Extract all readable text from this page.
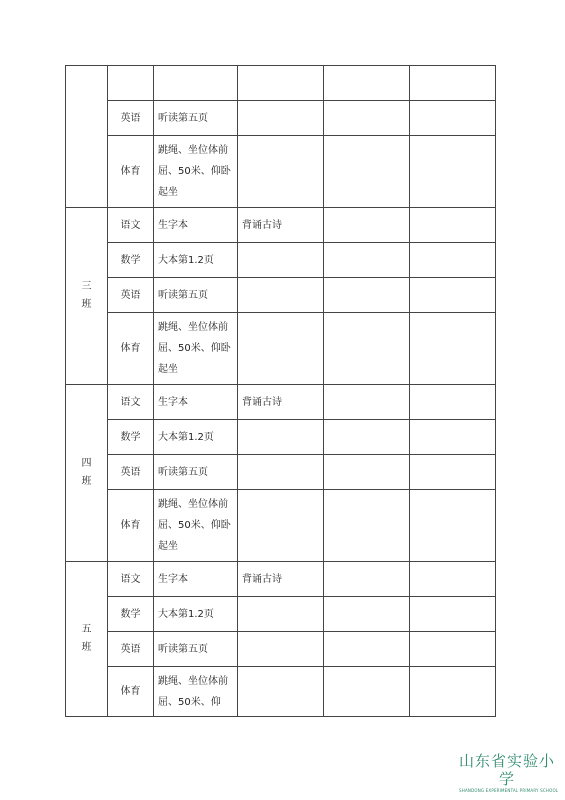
	英语	听读第五页			
	体育	跳绳、坐位体前屈、50米、仰卧起坐			
三班	语文	生字本	背诵古诗		
	数学	大本第1.2页			
	英语	听读第五页			
	体育	跳绳、坐位体前屈、50米、仰卧起坐			
四班	语文	生字本	背诵古诗		
	数学	大本第1.2页			
	英语	听读第五页			
	体育	跳绳、坐位体前屈、50米、仰卧起坐			
五班	语文	生字本	背诵古诗		
	数学	大本第1.2页			
	英语	听读第五页			
	体育	跳绳、坐位体前屈、50米、仰			
山东省实验小学
SHANDONG EXPERIMENTAL PRIMARY SCHOOL
